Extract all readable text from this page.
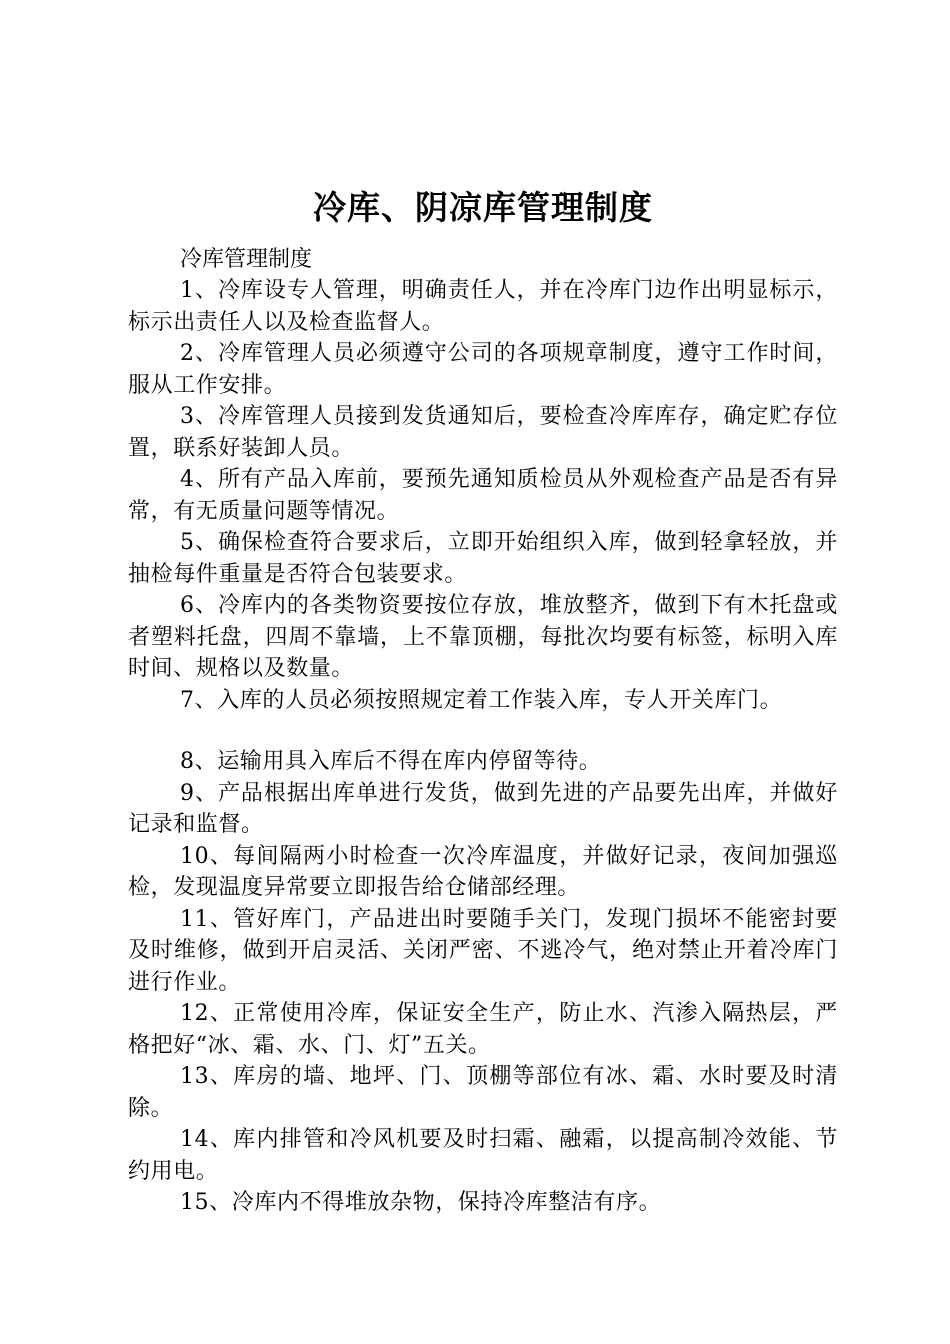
冷库、阴凉库管理制度

冷库管理制度

1、冷库设专人管理，明确责任人，并在冷库门边作出明显标示，标示出责任人以及检查监督人。

2、冷库管理人员必须遵守公司的各项规章制度，遵守工作时间，服从工作安排。

3、冷库管理人员接到发货通知后，要检查冷库库存，确定贮存位置，联系好装卸人员。

4、所有产品入库前，要预先通知质检员从外观检查产品是否有异常，有无质量问题等情况。

5、确保检查符合要求后，立即开始组织入库，做到轻拿轻放，并抽检每件重量是否符合包装要求。

6、冷库内的各类物资要按位存放，堆放整齐，做到下有木托盘或者塑料托盘，四周不靠墙，上不靠顶棚，每批次均要有标签，标明入库时间、规格以及数量。

7、入库的人员必须按照规定着工作装入库，专人开关库门。

8、运输用具入库后不得在库内停留等待。

9、产品根据出库单进行发货，做到先进的产品要先出库，并做好记录和监督。

10、每间隔两小时检查一次冷库温度，并做好记录，夜间加强巡检，发现温度异常要立即报告给仓储部经理。

11、管好库门，产品进出时要随手关门，发现门损坏不能密封要及时维修，做到开启灵活、关闭严密、不逃冷气，绝对禁止开着冷库门进行作业。

12、正常使用冷库，保证安全生产，防止水、汽渗入隔热层，严格把好“冰、霜、水、门、灯”五关。

13、库房的墙、地坪、门、顶棚等部位有冰、霜、水时要及时清除。

14、库内排管和冷风机要及时扫霜、融霜，以提高制冷效能、节约用电。

15、冷库内不得堆放杂物，保持冷库整洁有序。
